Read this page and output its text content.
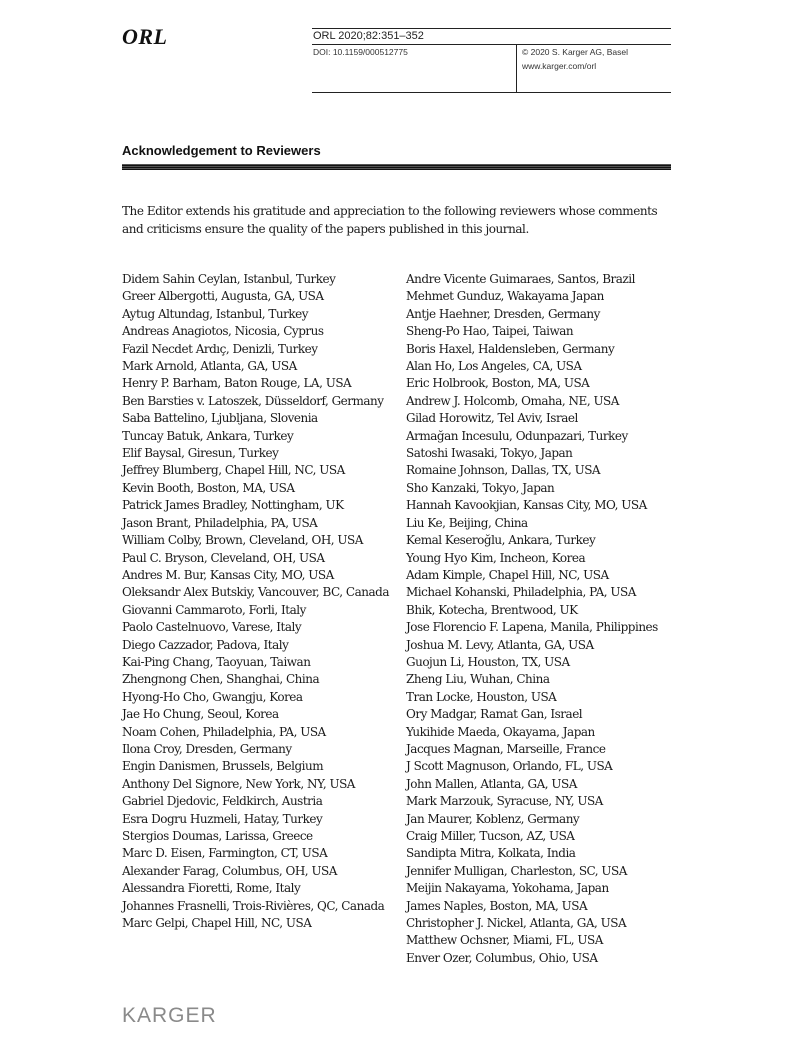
ORL	ORL 2020;82:351–352
DOI: 10.1159/000512775	© 2020 S. Karger AG, Basel
www.karger.com/orl
Acknowledgement to Reviewers
The Editor extends his gratitude and appreciation to the following reviewers whose comments and criticisms ensure the quality of the papers published in this journal.
Didem Sahin Ceylan, Istanbul, Turkey
Greer Albergotti, Augusta, GA, USA
Aytug Altundag, Istanbul, Turkey
Andreas Anagiotos, Nicosia, Cyprus
Fazil Necdet Ardıç, Denizli, Turkey
Mark Arnold, Atlanta, GA, USA
Henry P. Barham, Baton Rouge, LA, USA
Ben Barsties v. Latoszek, Düsseldorf, Germany
Saba Battelino, Ljubljana, Slovenia
Tuncay Batuk, Ankara, Turkey
Elif Baysal, Giresun, Turkey
Jeffrey Blumberg, Chapel Hill, NC, USA
Kevin Booth, Boston, MA, USA
Patrick James Bradley, Nottingham, UK
Jason Brant, Philadelphia, PA, USA
William Colby, Brown, Cleveland, OH, USA
Paul C. Bryson, Cleveland, OH, USA
Andres M. Bur, Kansas City, MO, USA
Oleksandr Alex Butskiy, Vancouver, BC, Canada
Giovanni Cammaroto, Forli, Italy
Paolo Castelnuovo, Varese, Italy
Diego Cazzador, Padova, Italy
Kai-Ping Chang, Taoyuan, Taiwan
Zhengnong Chen, Shanghai, China
Hyong-Ho Cho, Gwangju, Korea
Jae Ho Chung, Seoul, Korea
Noam Cohen, Philadelphia, PA, USA
Ilona Croy, Dresden, Germany
Engin Danismen, Brussels, Belgium
Anthony Del Signore, New York, NY, USA
Gabriel Djedovic, Feldkirch, Austria
Esra Dogru Huzmeli, Hatay, Turkey
Stergios Doumas, Larissa, Greece
Marc D. Eisen, Farmington, CT, USA
Alexander Farag, Columbus, OH, USA
Alessandra Fioretti, Rome, Italy
Johannes Frasnelli, Trois-Rivières, QC, Canada
Marc Gelpi, Chapel Hill, NC, USA
Andre Vicente Guimaraes, Santos, Brazil
Mehmet Gunduz, Wakayama Japan
Antje Haehner, Dresden, Germany
Sheng-Po Hao, Taipei, Taiwan
Boris Haxel, Haldensleben, Germany
Alan Ho, Los Angeles, CA, USA
Eric Holbrook, Boston, MA, USA
Andrew J. Holcomb, Omaha, NE, USA
Gilad Horowitz, Tel Aviv, Israel
Armağan Incesulu, Odunpazari, Turkey
Satoshi Iwasaki, Tokyo, Japan
Romaine Johnson, Dallas, TX, USA
Sho Kanzaki, Tokyo, Japan
Hannah Kavookjian, Kansas City, MO, USA
Liu Ke, Beijing, China
Kemal Keseroğlu, Ankara, Turkey
Young Hyo Kim, Incheon, Korea
Adam Kimple, Chapel Hill, NC, USA
Michael Kohanski, Philadelphia, PA, USA
Bhik, Kotecha, Brentwood, UK
Jose Florencio F. Lapena, Manila, Philippines
Joshua M. Levy, Atlanta, GA, USA
Guojun Li, Houston, TX, USA
Zheng Liu, Wuhan, China
Tran Locke, Houston, USA
Ory Madgar, Ramat Gan, Israel
Yukihide Maeda, Okayama, Japan
Jacques Magnan, Marseille, France
J Scott Magnuson, Orlando, FL, USA
John Mallen, Atlanta, GA, USA
Mark Marzouk, Syracuse, NY, USA
Jan Maurer, Koblenz, Germany
Craig Miller, Tucson, AZ, USA
Sandipta Mitra, Kolkata, India
Jennifer Mulligan, Charleston, SC, USA
Meijin Nakayama, Yokohama, Japan
James Naples, Boston, MA, USA
Christopher J. Nickel, Atlanta, GA, USA
Matthew Ochsner, Miami, FL, USA
Enver Ozer, Columbus, Ohio, USA
KARGER
